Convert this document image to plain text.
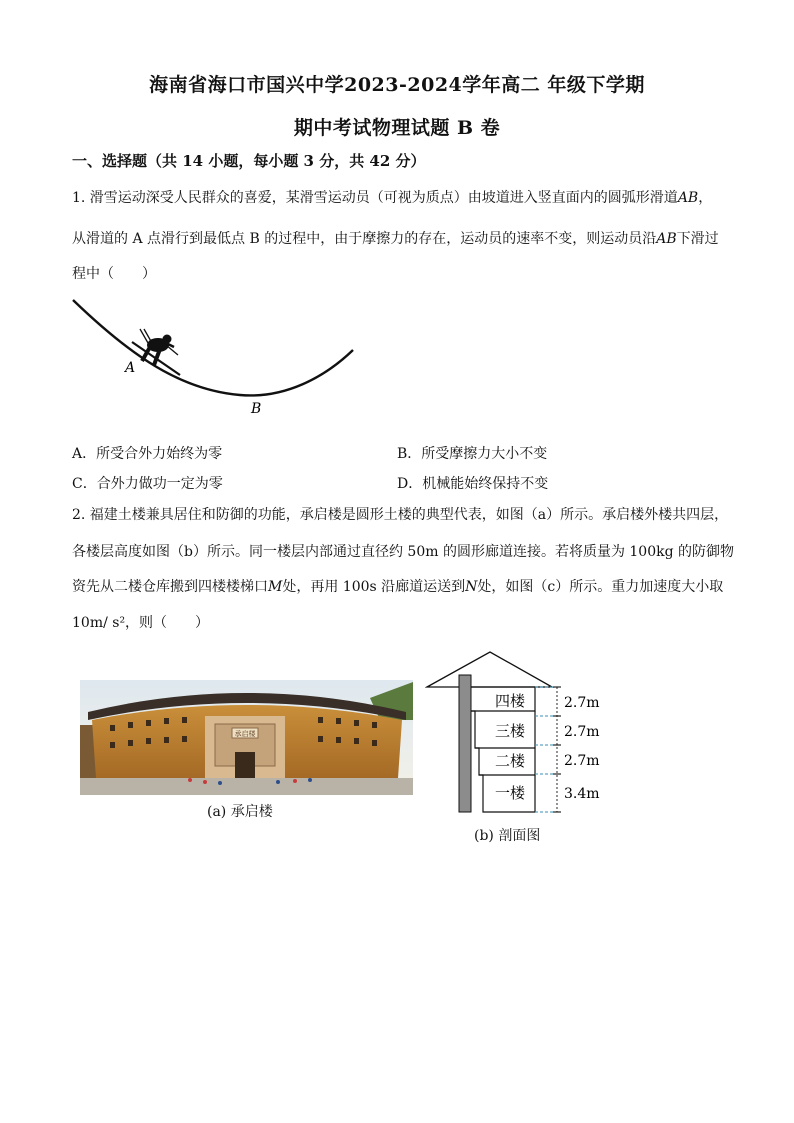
海南省海口市国兴中学2023-2024学年高二 年级下学期
期中考试物理试题 B 卷
一、选择题（共 14 小题，每小题 3 分，共 42 分）
1. 滑雪运动深受人民群众的喜爱，某滑雪运动员（可视为质点）由坡道进入竖直面内的圆弧形滑道AB，
从滑道的 A 点滑行到最低点 B 的过程中，由于摩擦力的存在，运动员的速率不变，则运动员沿AB下滑过
程中（　　）
A
B
A．所受合外力始终为零	B．所受摩擦力大小不变
C．合外力做功一定为零	D．机械能始终保持不变
2. 福建土楼兼具居住和防御的功能，承启楼是圆形土楼的典型代表，如图（a）所示。承启楼外楼共四层，
各楼层高度如图（b）所示。同一楼层内部通过直径约 50m 的圆形廊道连接。若将质量为 100kg 的防御物
资先从二楼仓库搬到四楼楼梯口M处，再用 100s 沿廊道运送到N处，如图（c）所示。重力加速度大小取
10m/ s²，则（　　）
承启楼
(a) 承启楼
四楼
三楼
二楼
一楼
2.7m
2.7m
2.7m
3.4m
(b) 剖面图
